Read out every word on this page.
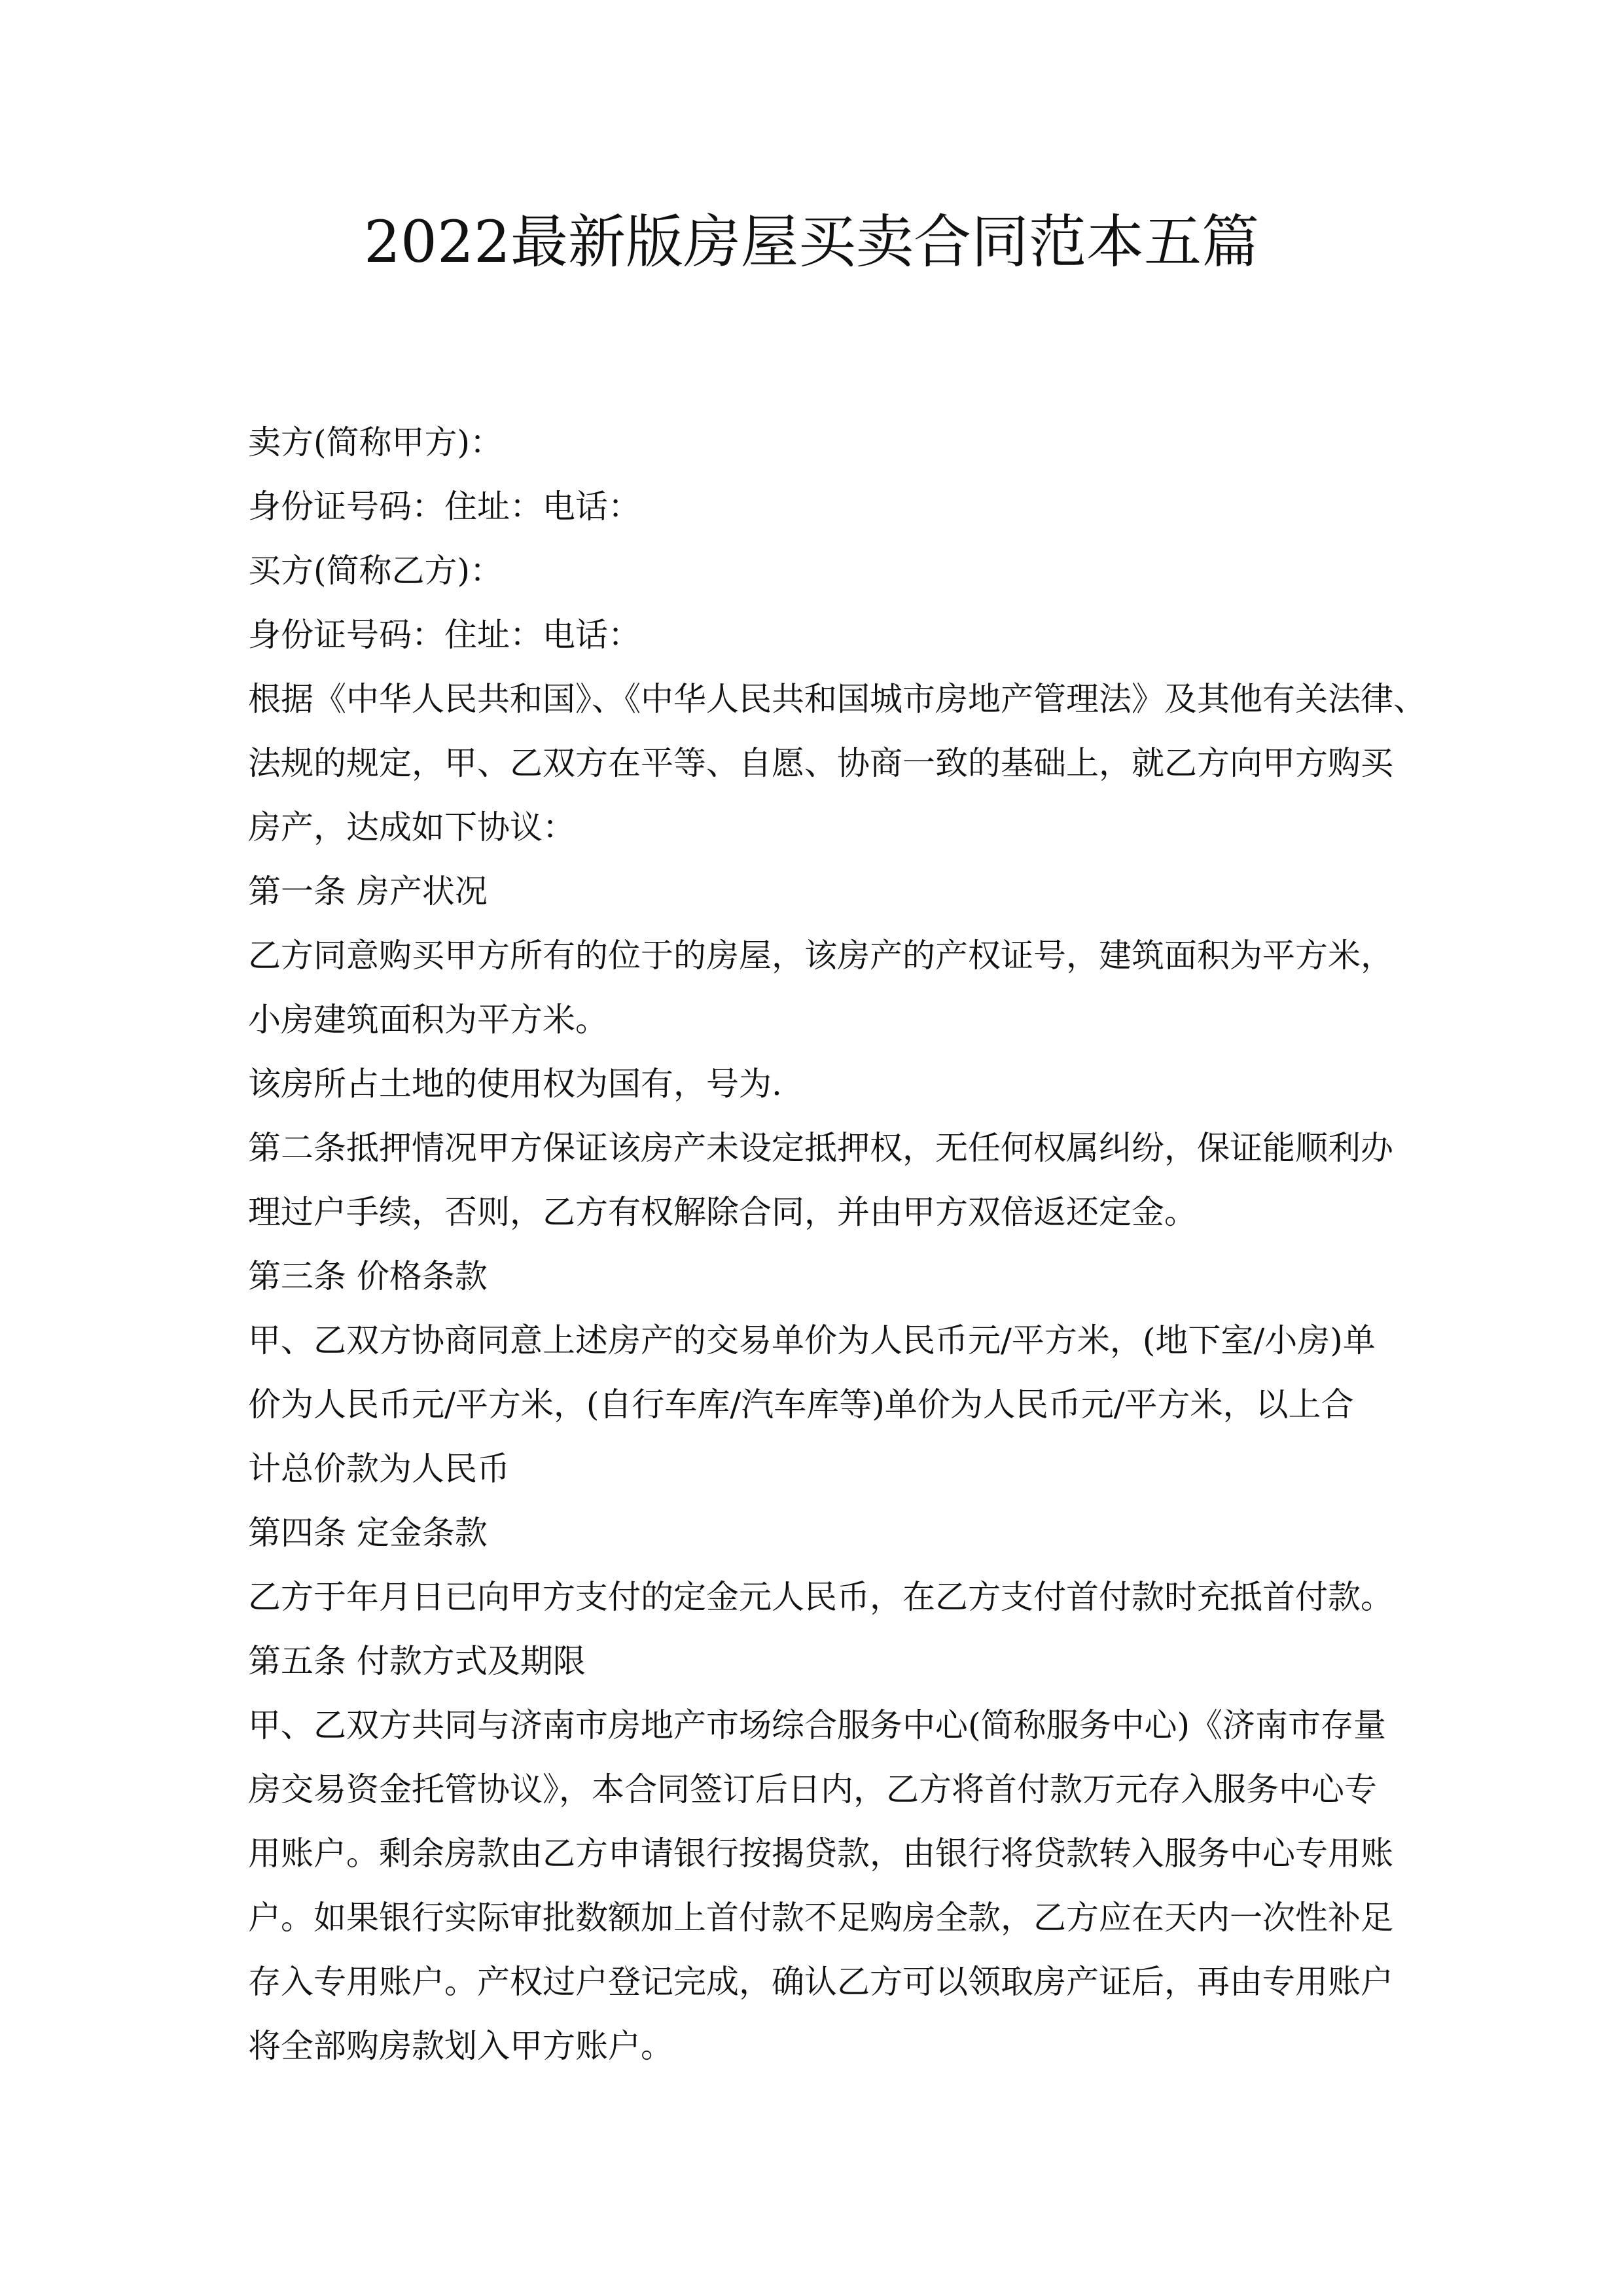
2022最新版房屋买卖合同范本五篇
卖方(简称甲方)：
身份证号码：住址：电话：
买方(简称乙方)：
身份证号码：住址：电话：
根据《中华人民共和国》、《中华人民共和国城市房地产管理法》及其他有关法律、
法规的规定，甲、乙双方在平等、自愿、协商一致的基础上，就乙方向甲方购买
房产，达成如下协议：
第一条 房产状况
乙方同意购买甲方所有的位于的房屋，该房产的产权证号，建筑面积为平方米，
小房建筑面积为平方米。
该房所占土地的使用权为国有，号为.
第二条抵押情况甲方保证该房产未设定抵押权，无任何权属纠纷，保证能顺利办
理过户手续，否则，乙方有权解除合同，并由甲方双倍返还定金。
第三条 价格条款
甲、乙双方协商同意上述房产的交易单价为人民币元/平方米，(地下室/小房)单
价为人民币元/平方米，(自行车库/汽车库等)单价为人民币元/平方米，以上合
计总价款为人民币
第四条 定金条款
乙方于年月日已向甲方支付的定金元人民币，在乙方支付首付款时充抵首付款。
第五条 付款方式及期限
甲、乙双方共同与济南市房地产市场综合服务中心(简称服务中心)《济南市存量
房交易资金托管协议》，本合同签订后日内，乙方将首付款万元存入服务中心专
用账户。剩余房款由乙方申请银行按揭贷款，由银行将贷款转入服务中心专用账
户。如果银行实际审批数额加上首付款不足购房全款，乙方应在天内一次性补足
存入专用账户。产权过户登记完成，确认乙方可以领取房产证后，再由专用账户
将全部购房款划入甲方账户。
